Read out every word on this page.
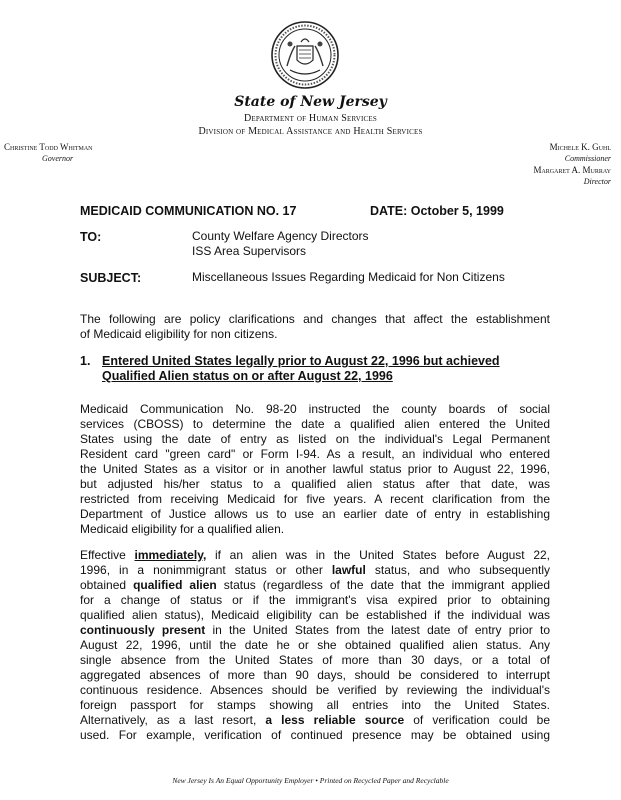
State of New Jersey
Department of Human Services
Division of Medical Assistance and Health Services
Christine Todd Whitman
Governor
Michele K. Guhl
Commissioner
Margaret A. Murray
Director
MEDICAID COMMUNICATION NO. 17	DATE: October 5, 1999
TO:	County Welfare Agency Directors
ISS Area Supervisors
SUBJECT:	Miscellaneous Issues Regarding Medicaid for Non Citizens
The following are policy clarifications and changes that affect the establishment
of Medicaid eligibility for non citizens.
1. Entered United States legally prior to August 22, 1996 but achieved
Qualified Alien status on or after August 22, 1996
Medicaid Communication No. 98-20 instructed the county boards of social
services (CBOSS) to determine the date a qualified alien entered the United
States using the date of entry as listed on the individual's Legal Permanent
Resident card "green card" or Form I-94. As a result, an individual who entered
the United States as a visitor or in another lawful status prior to August 22, 1996,
but adjusted his/her status to a qualified alien status after that date, was
restricted from receiving Medicaid for five years. A recent clarification from the
Department of Justice allows us to use an earlier date of entry in establishing
Medicaid eligibility for a qualified alien.
Effective immediately, if an alien was in the United States before August 22,
1996, in a nonimmigrant status or other lawful status, and who subsequently
obtained qualified alien status (regardless of the date that the immigrant applied
for a change of status or if the immigrant's visa expired prior to obtaining
qualified alien status), Medicaid eligibility can be established if the individual was
continuously present in the United States from the latest date of entry prior to
August 22, 1996, until the date he or she obtained qualified alien status. Any
single absence from the United States of more than 30 days, or a total of
aggregated absences of more than 90 days, should be considered to interrupt
continuous residence. Absences should be verified by reviewing the individual's
foreign passport for stamps showing all entries into the United States.
Alternatively, as a last resort, a less reliable source of verification could be
used. For example, verification of continued presence may be obtained using
New Jersey Is An Equal Opportunity Employer • Printed on Recycled Paper and Recyclable
